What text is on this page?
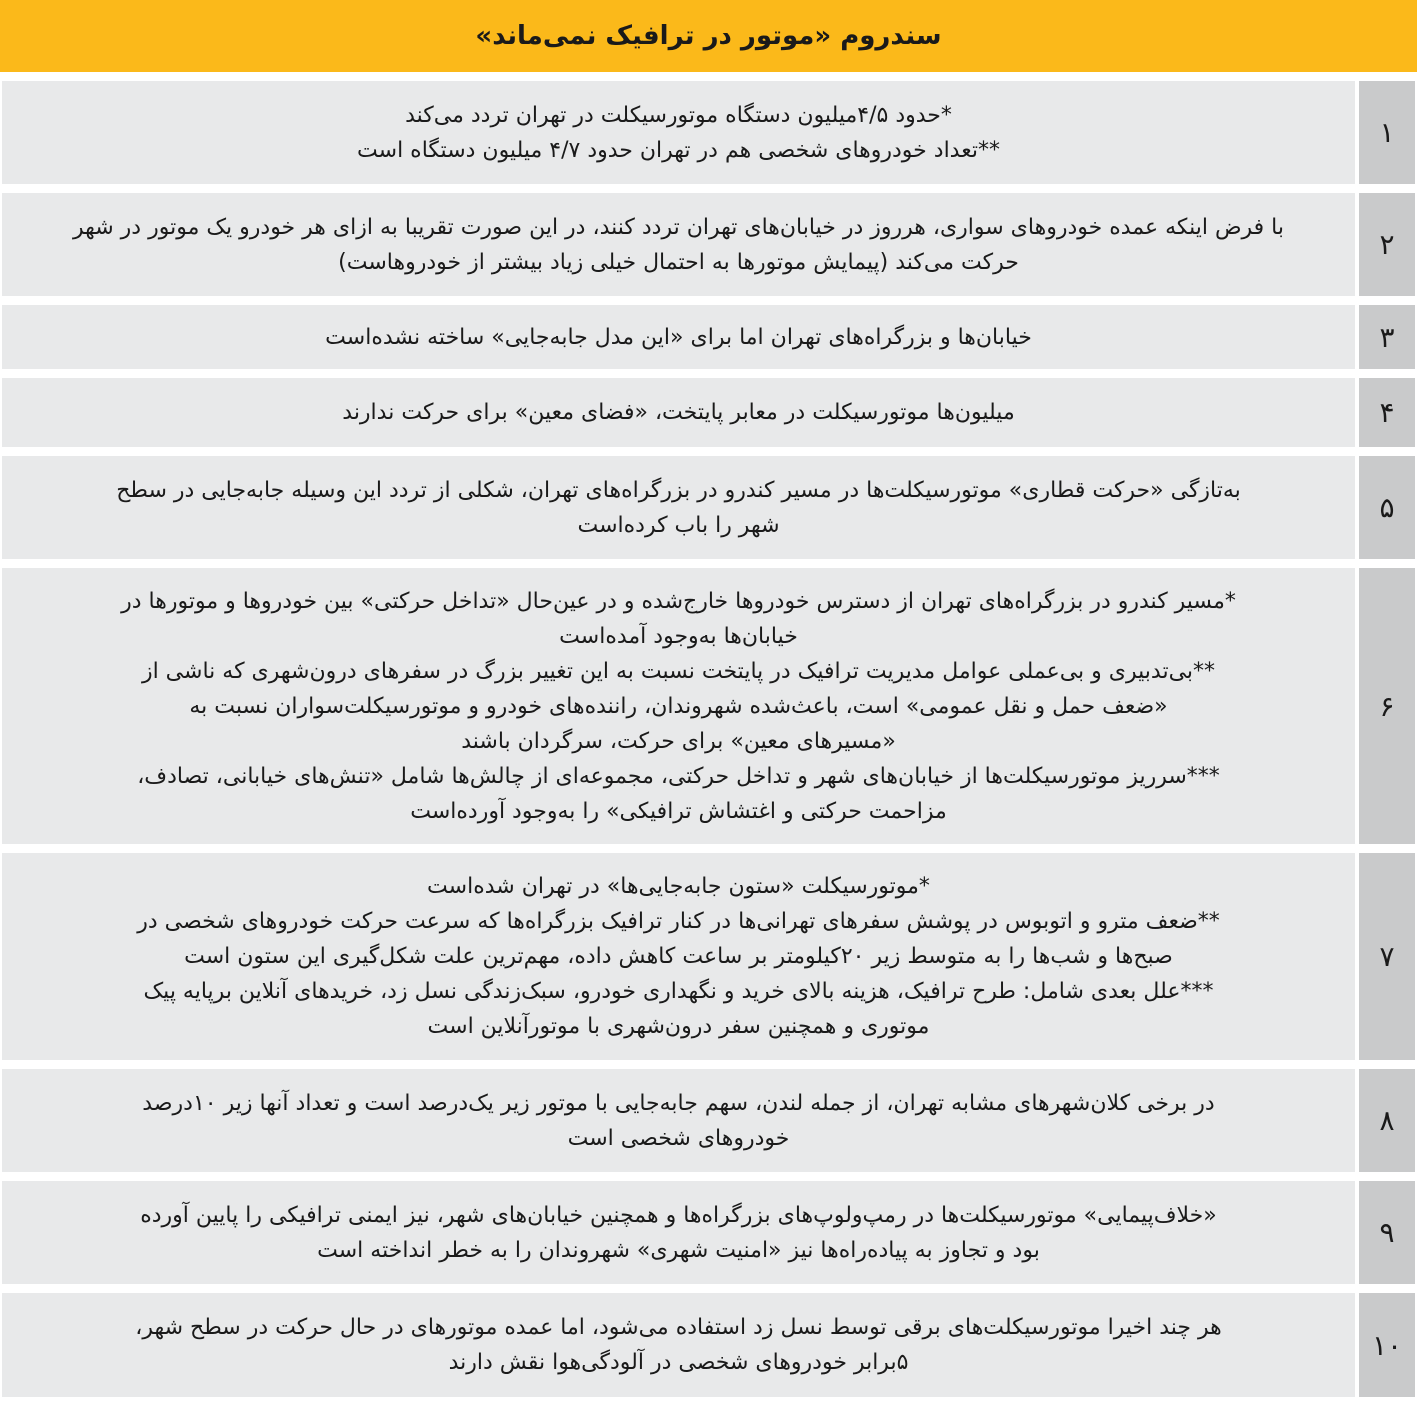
سندروم «موتور در ترافیک نمی‌ماند»
۱
*حدود ۴/۵میلیون دستگاه موتورسیکلت در تهران تردد می‌کند
**تعداد خودروهای شخصی هم در تهران حدود ۴/۷ میلیون دستگاه است
۲
با فرض اینکه عمده خودروهای سواری، هرروز در خیابان‌های تهران تردد کنند، در این صورت تقریبا به ازای هر خودرو یک موتور در شهر
حرکت می‌کند (پیمایش موتورها به احتمال خیلی زیاد بیشتر از خودروهاست)
۳
خیابان‌ها و بزرگراه‌های تهران اما برای «این مدل جابه‌جایی» ساخته نشده‌است
۴
میلیون‌ها موتورسیکلت در معابر پایتخت، «فضای معین» برای حرکت ندارند
۵
به‌تازگی «حرکت قطاری» موتورسیکلت‌ها در مسیر کندرو در بزرگراه‌های تهران، شکلی از تردد این وسیله جابه‌جایی در سطح
شهر را باب کرده‌است
۶
*مسیر کندرو در بزرگراه‌های تهران از دسترس خودروها خارج‌شده و در عین‌حال «تداخل حرکتی» بین خودروها و موتورها در
خیابان‌ها به‌وجود آمده‌است
**بی‌تدبیری و بی‌عملی عوامل مدیریت ترافیک در پایتخت نسبت به این تغییر بزرگ در سفرهای درون‌شهری که ناشی از
«ضعف حمل و نقل عمومی» است، باعث‌شده شهروندان، راننده‌های خودرو و موتورسیکلت‌سواران نسبت به
«مسیرهای معین» برای حرکت، سرگردان باشند
***سرریز موتورسیکلت‌ها از خیابان‌های شهر و تداخل حرکتی، مجموعه‌ای از چالش‌ها شامل «تنش‌های خیابانی، تصادف،
مزاحمت حرکتی و اغتشاش ترافیکی» را به‌وجود آورده‌است
۷
*موتورسیکلت «ستون جابه‌جایی‌ها» در تهران شده‌است
**ضعف مترو و اتوبوس در پوشش سفرهای تهرانی‌ها در کنار ترافیک بزرگراه‌ها که سرعت حرکت خودروهای شخصی در
صبح‌ها و شب‌ها را به متوسط زیر ۲۰کیلومتر بر ساعت کاهش داده، مهم‌ترین علت شکل‌گیری این ستون است
***علل بعدی شامل: طرح ترافیک، هزینه بالای خرید و نگهداری خودرو، سبک‌زندگی نسل زد، خریدهای آنلاین برپایه پیک
موتوری و همچنین سفر درون‌شهری با موتورآنلاین است
۸
در برخی کلان‌شهرهای مشابه تهران، از جمله لندن، سهم جابه‌جایی با موتور زیر یک‌درصد است و تعداد آنها زیر ۱۰درصد
خودروهای شخصی است
۹
«خلاف‌پیمایی» موتورسیکلت‌ها در رمپ‌ولوپ‌های بزرگراه‌ها و همچنین خیابان‌های شهر، نیز ایمنی ترافیکی را پایین آورده
بود و تجاوز به پیاده‌راه‌ها نیز «امنیت شهری» شهروندان را به خطر انداخته است
۱۰
هر چند اخیرا موتورسیکلت‌های برقی توسط نسل زد استفاده می‌شود، اما عمده موتورهای در حال حرکت در سطح شهر،
۵برابر خودروهای شخصی در آلودگی‌هوا نقش دارند
